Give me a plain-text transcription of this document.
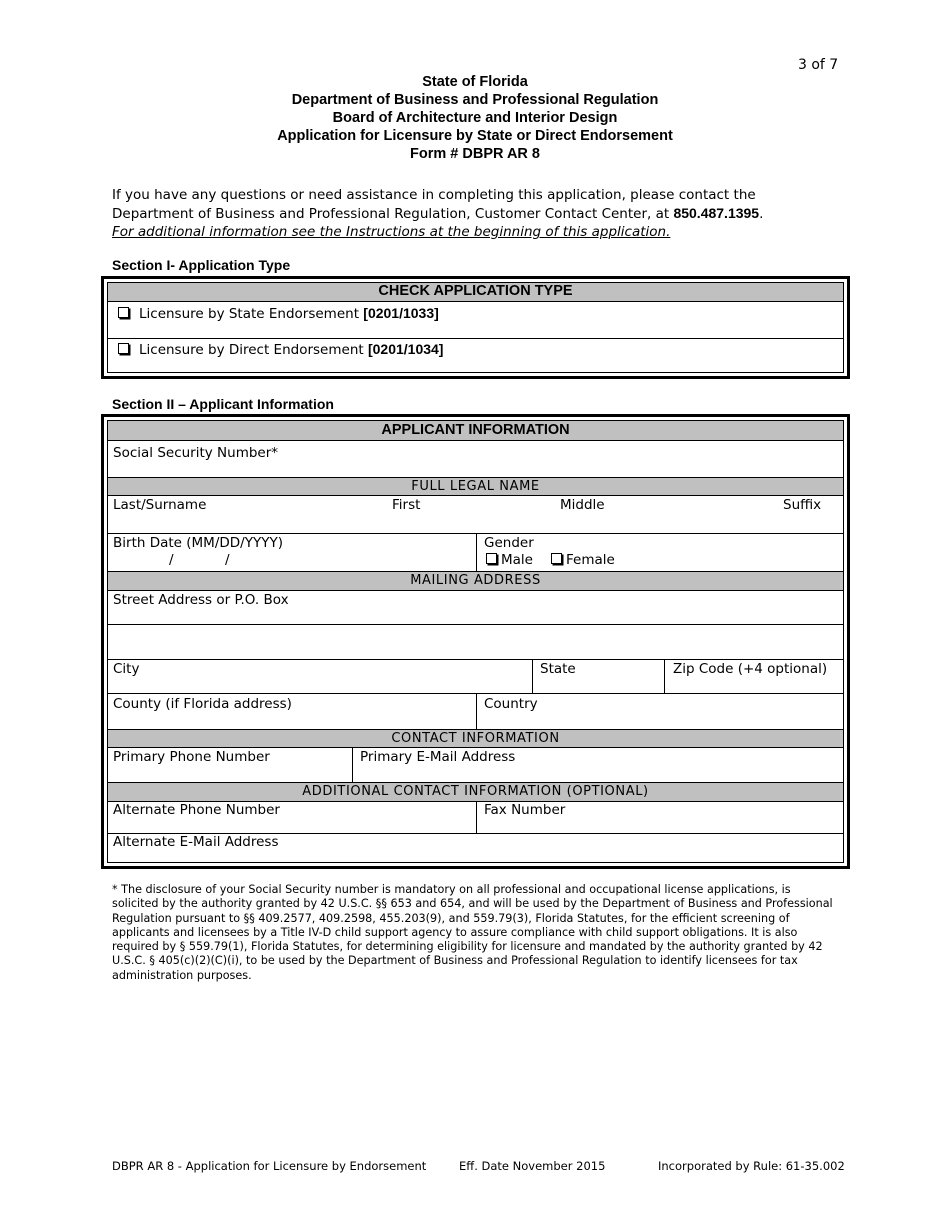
3 of 7
State of Florida
Department of Business and Professional Regulation
Board of Architecture and Interior Design
Application for Licensure by State or Direct Endorsement
Form # DBPR AR 8
If you have any questions or need assistance in completing this application, please contact the Department of Business and Professional Regulation, Customer Contact Center, at 850.487.1395.
For additional information see the Instructions at the beginning of this application.
Section I- Application Type
CHECK APPLICATION TYPE
Licensure by State Endorsement [0201/1033]
Licensure by Direct Endorsement [0201/1034]
Section II – Applicant Information
APPLICANT INFORMATION
Social Security Number*
FULL LEGAL NAME
Last/Surname	First	Middle	Suffix
Birth Date (MM/DD/YYYY)
/	/
Gender
Male	Female
MAILING ADDRESS
Street Address or P.O. Box
City	State	Zip Code (+4 optional)
County (if Florida address)	Country
CONTACT INFORMATION
Primary Phone Number	Primary E-Mail Address
ADDITIONAL CONTACT INFORMATION (OPTIONAL)
Alternate Phone Number	Fax Number
Alternate E-Mail Address
* The disclosure of your Social Security number is mandatory on all professional and occupational license applications, is solicited by the authority granted by 42 U.S.C. §§ 653 and 654, and will be used by the Department of Business and Professional Regulation pursuant to §§ 409.2577, 409.2598, 455.203(9), and 559.79(3), Florida Statutes, for the efficient screening of applicants and licensees by a Title IV-D child support agency to assure compliance with child support obligations. It is also required by § 559.79(1), Florida Statutes, for determining eligibility for licensure and mandated by the authority granted by 42 U.S.C. § 405(c)(2)(C)(i), to be used by the Department of Business and Professional Regulation to identify licensees for tax administration purposes.
DBPR AR 8 - Application for Licensure by Endorsement	Eff. Date November 2015	Incorporated by Rule: 61-35.002
